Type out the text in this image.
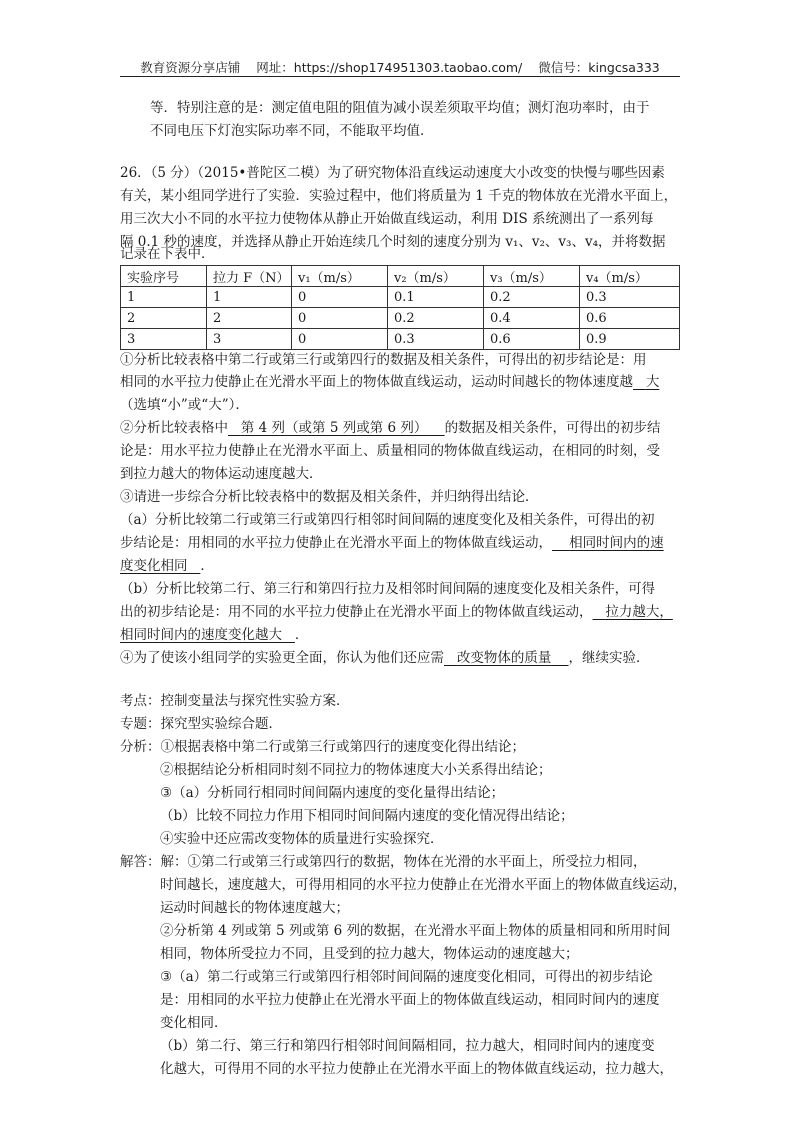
教育资源分享店铺 网址：https://shop174951303.taobao.com/ 微信号：kingcsa333
等．特别注意的是：测定值电阻的阻值为减小误差须取平均值；测灯泡功率时，由于
不同电压下灯泡实际功率不同，不能取平均值．
26．（5 分）（2015•普陀区二模）为了研究物体沿直线运动速度大小改变的快慢与哪些因素
有关，某小组同学进行了实验．实验过程中，他们将质量为 1 千克的物体放在光滑水平面上，
用三次大小不同的水平拉力使物体从静止开始做直线运动，利用 DIS 系统测出了一系列每
隔 0.1 秒的速度，并选择从静止开始连续几个时刻的速度分别为 v₁、v₂、v₃、v₄，并将数据
记录在下表中．
实验序号	拉力 F（N）	v₁（m/s）	v₂（m/s）	v₃（m/s）	v₄（m/s）
1	1	0	0.1	0.2	0.3
2	2	0	0.2	0.4	0.6
3	3	0	0.3	0.6	0.9
①分析比较表格中第二行或第三行或第四行的数据及相关条件，可得出的初步结论是：用
相同的水平拉力使静止在光滑水平面上的物体做直线运动，运动时间越长的物体速度越 大
（选填“小”或“大”）．
②分析比较表格中 第 4 列（或第 5 列或第 6 列） 的数据及相关条件，可得出的初步结
论是：用水平拉力使静止在光滑水平面上、质量相同的物体做直线运动，在相同的时刻，受
到拉力越大的物体运动速度越大．
③请进一步综合分析比较表格中的数据及相关条件，并归纳得出结论．
（a）分析比较第二行或第三行或第四行相邻时间间隔的速度变化及相关条件，可得出的初
步结论是：用相同的水平拉力使静止在光滑水平面上的物体做直线运动， 相同时间内的速
度变化相同 ．
（b）分析比较第二行、第三行和第四行拉力及相邻时间间隔的速度变化及相关条件，可得
出的初步结论是：用不同的水平拉力使静止在光滑水平面上的物体做直线运动， 拉力越大，
相同时间内的速度变化越大 ．
④为了使该小组同学的实验更全面，你认为他们还应需 改变物体的质量 ，继续实验．
考点：控制变量法与探究性实验方案．
专题：探究型实验综合题．
分析：①根据表格中第二行或第三行或第四行的速度变化得出结论；
②根据结论分析相同时刻不同拉力的物体速度大小关系得出结论；
③（a）分析同行相同时间间隔内速度的变化量得出结论；
（b）比较不同拉力作用下相同时间间隔内速度的变化情况得出结论；
④实验中还应需改变物体的质量进行实验探究．
解答：解：①第二行或第三行或第四行的数据，物体在光滑的水平面上，所受拉力相同，
时间越长，速度越大，可得用相同的水平拉力使静止在光滑水平面上的物体做直线运动，
运动时间越长的物体速度越大；
②分析第 4 列或第 5 列或第 6 列的数据，在光滑水平面上物体的质量相同和所用时间
相同，物体所受拉力不同，且受到的拉力越大，物体运动的速度越大；
③（a）第二行或第三行或第四行相邻时间间隔的速度变化相同，可得出的初步结论
是：用相同的水平拉力使静止在光滑水平面上的物体做直线运动，相同时间内的速度
变化相同．
（b）第二行、第三行和第四行相邻时间间隔相同，拉力越大，相同时间内的速度变
化越大，可得用不同的水平拉力使静止在光滑水平面上的物体做直线运动，拉力越大，
